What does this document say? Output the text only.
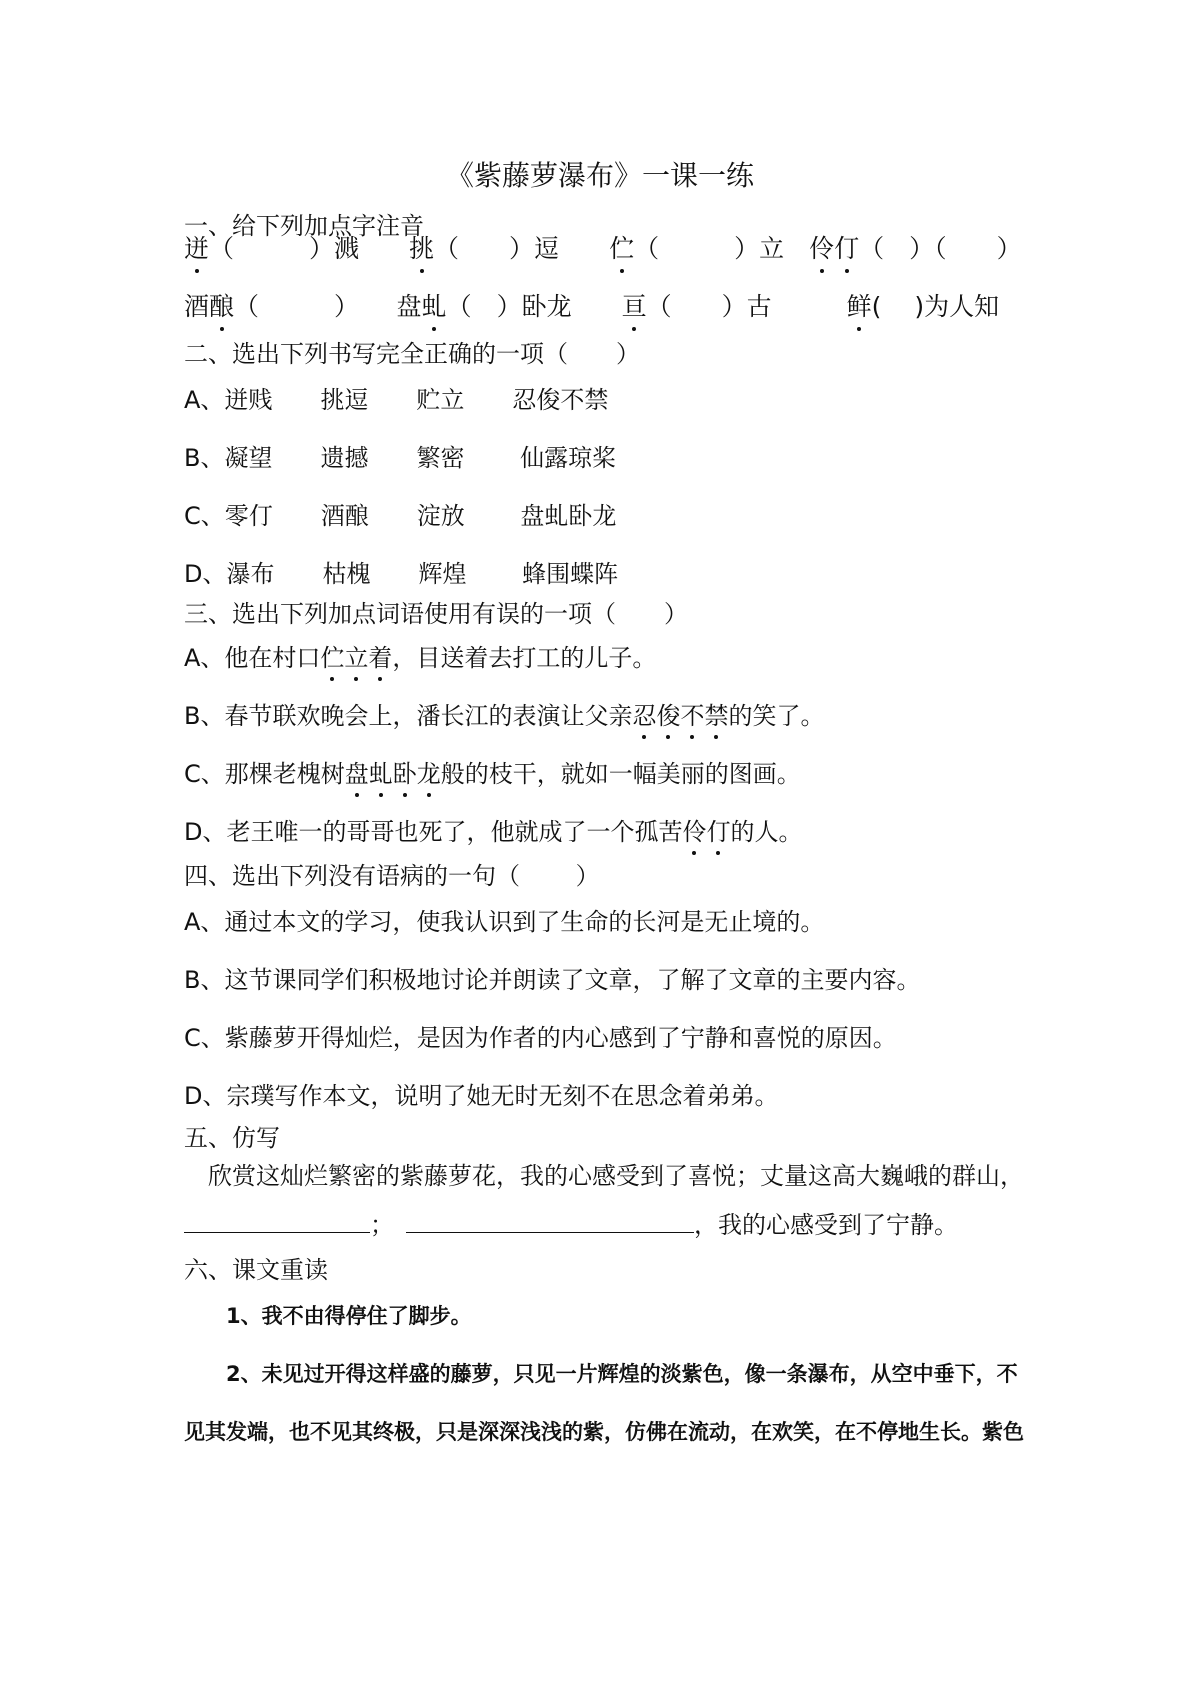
《紫藤萝瀑布》一课一练
一、给下列加点字注音
迸（　　　）溅　　挑（　　）逗　　伫（　　　）立　伶仃（　）（　　）
酒酿（　　　）　　盘虬（　）卧龙　　亘（　　）古　　　鲜(　 )为人知
二、选出下列书写完全正确的一项（　　）
A、迸贱　　挑逗　　贮立　　忍俊不禁
B、凝望　　遗撼　　繁密　　 仙露琼桨
C、零仃　　酒酿　　淀放　　 盘虬卧龙
D、瀑布　　枯槐　　辉煌　　 蜂围蝶阵
三、选出下列加点词语使用有误的一项（　　）
A、他在村口伫立着，目送着去打工的儿子。
B、春节联欢晚会上，潘长江的表演让父亲忍俊不禁的笑了。
C、那棵老槐树盘虬卧龙般的枝干，就如一幅美丽的图画。
D、老王唯一的哥哥也死了，他就成了一个孤苦伶仃的人。
四、选出下列没有语病的一句（　　 ）
A、通过本文的学习，使我认识到了生命的长河是无止境的。
B、这节课同学们积极地讨论并朗读了文章，了解了文章的主要内容。
C、紫藤萝开得灿烂，是因为作者的内心感到了宁静和喜悦的原因。
D、宗璞写作本文，说明了她无时无刻不在思念着弟弟。
五、仿写
欣赏这灿烂繁密的紫藤萝花，我的心感受到了喜悦；丈量这高大巍峨的群山，
；	，我的心感受到了宁静。
六、课文重读
1、我不由得停住了脚步。
2、未见过开得这样盛的藤萝，只见一片辉煌的淡紫色，像一条瀑布，从空中垂下，不
见其发端，也不见其终极，只是深深浅浅的紫，仿佛在流动，在欢笑，在不停地生长。紫色
